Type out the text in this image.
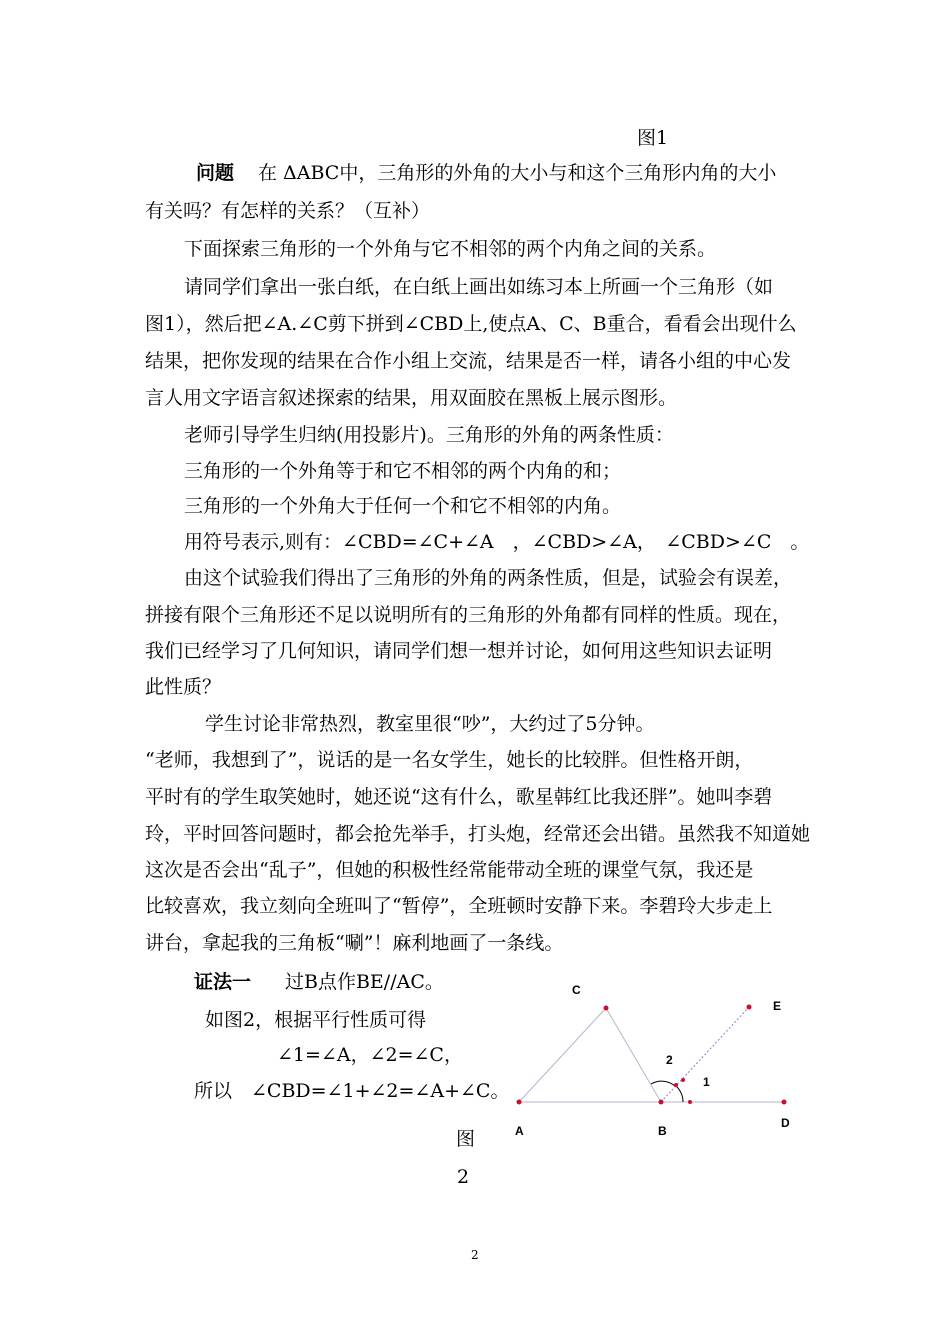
图1
问题 在 ΔABC中，三角形的外角的大小与和这个三角形内角的大小
有关吗？有怎样的关系？（互补）
下面探索三角形的一个外角与它不相邻的两个内角之间的关系。
请同学们拿出一张白纸，在白纸上画出如练习本上所画一个三角形（如
图1），然后把∠A.∠C剪下拼到∠CBD上,使点A、C、B重合，看看会出现什么
结果，把你发现的结果在合作小组上交流，结果是否一样，请各小组的中心发
言人用文字语言叙述探索的结果，用双面胶在黑板上展示图形。
老师引导学生归纳(用投影片)。三角形的外角的两条性质：
三角形的一个外角等于和它不相邻的两个内角的和；
三角形的一个外角大于任何一个和它不相邻的内角。
用符号表示,则有：∠CBD=∠C+∠A　，∠CBD>∠A，　∠CBD>∠C　。
由这个试验我们得出了三角形的外角的两条性质，但是，试验会有误差，
拼接有限个三角形还不足以说明所有的三角形的外角都有同样的性质。现在，
我们已经学习了几何知识，请同学们想一想并讨论，如何用这些知识去证明
此性质？
学生讨论非常热烈，教室里很“吵”，大约过了5分钟。
“老师，我想到了”，说话的是一名女学生，她长的比较胖。但性格开朗，
平时有的学生取笑她时，她还说“这有什么，歌星韩红比我还胖”。她叫李碧
玲，平时回答问题时，都会抢先举手，打头炮，经常还会出错。虽然我不知道她
这次是否会出“乱子”，但她的积极性经常能带动全班的课堂气氛，我还是
比较喜欢，我立刻向全班叫了“暂停”，全班顿时安静下来。李碧玲大步走上
讲台，拿起我的三角板“唰”！麻利地画了一条线。
证法一 过B点作BE//AC。
如图2，根据平行性质可得
∠1=∠A，∠2=∠C，
所以　∠CBD=∠1+∠2=∠A+∠C。
图
2
A	B
C
D
E
2
1
2
